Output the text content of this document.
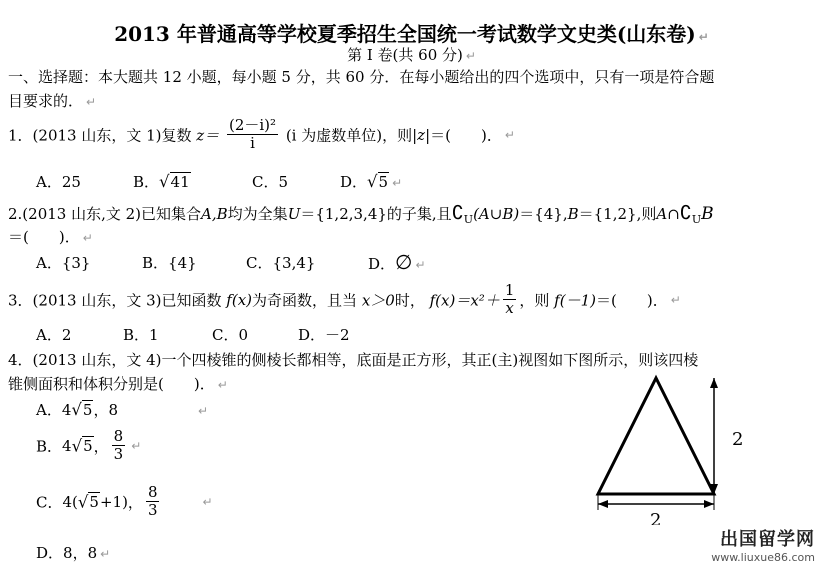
2013 年普通高等学校夏季招生全国统一考试数学文史类(山东卷) ↵
第 I 卷(共 60 分) ↵
一、选择题：本大题共 12 小题，每小题 5 分，共 60 分．在每小题给出的四个选项中，只有一项是符合题
目要求的． ↵
1．(2013 山东，文 1)复数 $z= \frac{\text{(2－i)²}}{i} (i$ 为虚数单位)，则|z|＝(　　)． ↵
A．25	B．√41	C．5	D．√5 ↵
2.(2013 山东,文 2)已知集合A,B均为全集U＝{1,2,3,4}的子集,且$∁_U(A\cup B)=\{4\},B=\{1,2\}$,则$A\cap∁_UB$
＝(　　)． ↵
A．{3}	B．{4}	C．{3,4}	D．∅ ↵
3．(2013 山东，文 3)已知函数 f(x)为奇函数，且当 x＞0时， $f(x)=x^2+ \frac{1}{x}$ ，则 f(－1)＝(　　)． ↵
A．2	B．1	C．0	D．－2
4．(2013 山东，文 4)一个四棱锥的侧棱长都相等，底面是正方形，其正(主)视图如下图所示，则该四棱
锥侧面积和体积分别是(　　)． ↵
A．4√5，8	↵
B．4√5， $\frac{8}{3}$ ↵
C．4(√5+1)， $\frac{8}{3}$	↵
D．8，8 ↵
2
2
出国留学网
www.liuxue86.com
